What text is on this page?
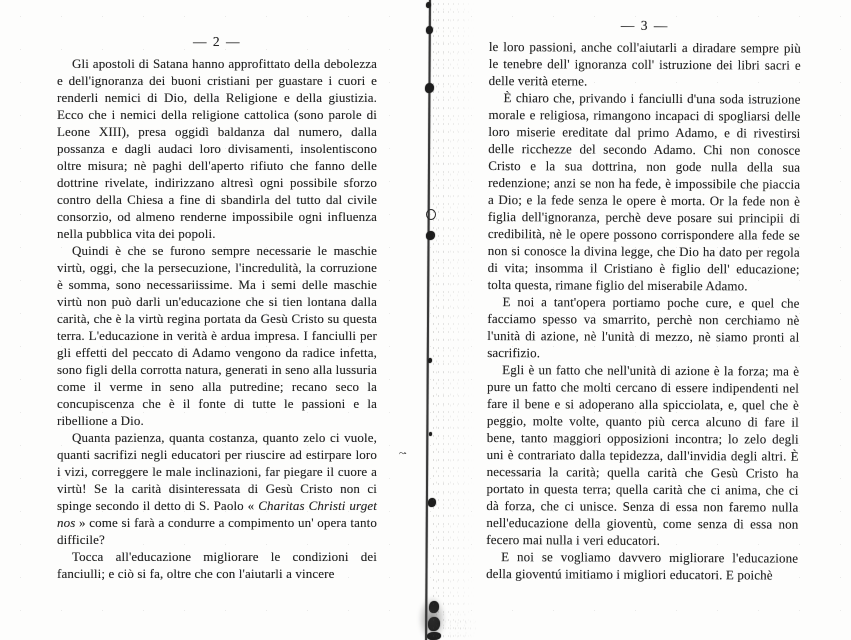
— 2 —

Gli apostoli di Satana hanno approfittato della debolezza e dell'ignoranza dei buoni cristiani per guastare i cuori e renderli nemici di Dio, della Religione e della giustizia. Ecco che i nemici della religione cattolica (sono parole di Leone XIII), presa oggidì baldanza dal numero, dalla possanza e dagli audaci loro divisamenti, insolentiscono oltre misura; nè paghi dell'aperto rifiuto che fanno delle dottrine rivelate, indirizzano altresì ogni possibile sforzo contro della Chiesa a fine di sbandirla del tutto dal civile consorzio, od almeno renderne impossibile ogni influenza nella pubblica vita dei popoli.

Quindi è che se furono sempre necessarie le maschie virtù, oggi, che la persecuzione, l'incredulità, la corruzione è somma, sono necessariissime. Ma i semi delle maschie virtù non può darli un'educazione che si tien lontana dalla carità, che è la virtù regina portata da Gesù Cristo su questa terra. L'educazione in verità è ardua impresa. I fanciulli per gli effetti del peccato di Adamo vengono da radice infetta, sono figli della corrotta natura, generati in seno alla lussuria come il verme in seno alla putredine; recano seco la concupiscenza che è il fonte di tutte le passioni e la ribellione a Dio.

Quanta pazienza, quanta costanza, quanto zelo ci vuole, quanti sacrifizi negli educatori per riuscire ad estirpare loro i vizi, correggere le male inclinazioni, far piegare il cuore a virtù! Se la carità disinteressata di Gesù Cristo non ci spinge secondo il detto di S. Paolo « Charitas Christi urget nos » come si farà a condurre a compimento un' opera tanto difficile?

Tocca all'educazione migliorare le condizioni dei fanciulli; e ciò si fa, oltre che con l'aiutarli a vincere

— 3 —

le loro passioni, anche coll'aiutarli a diradare sempre più le tenebre dell' ignoranza coll' istruzione dei libri sacri e delle verità eterne.

È chiaro che, privando i fanciulli d'una soda istruzione morale e religiosa, rimangono incapaci di spogliarsi delle loro miserie ereditate dal primo Adamo, e di rivestirsi delle ricchezze del secondo Adamo. Chi non conosce Cristo e la sua dottrina, non gode nulla della sua redenzione; anzi se non ha fede, è impossibile che piaccia a Dio; e la fede senza le opere è morta. Or la fede non è figlia dell'ignoranza, perchè deve posare sui principii di credibilità, nè le opere possono corrispondere alla fede se non si conosce la divina legge, che Dio ha dato per regola di vita; insomma il Cristiano è figlio dell' educazione; tolta questa, rimane figlio del miserabile Adamo.

E noi a tant'opera portiamo poche cure, e quel che facciamo spesso va smarrito, perchè non cerchiamo nè l'unità di azione, nè l'unità di mezzo, nè siamo pronti al sacrifizio.

Egli è un fatto che nell'unità di azione è la forza; ma è pure un fatto che molti cercano di essere indipendenti nel fare il bene e si adoperano alla spicciolata, e, quel che è peggio, molte volte, quanto più cerca alcuno di fare il bene, tanto maggiori opposizioni incontra; lo zelo degli uni è contrariato dalla tepidezza, dall'invidia degli altri. È necessaria la carità; quella carità che Gesù Cristo ha portato in questa terra; quella carità che ci anima, che ci dà forza, che ci unisce. Senza di essa non faremo nulla nell'educazione della gioventù, come senza di essa non fecero mai nulla i veri educatori.

E noi se vogliamo davvero migliorare l'educazione della gioventú imitiamo i migliori educatori. E poichè

~·
